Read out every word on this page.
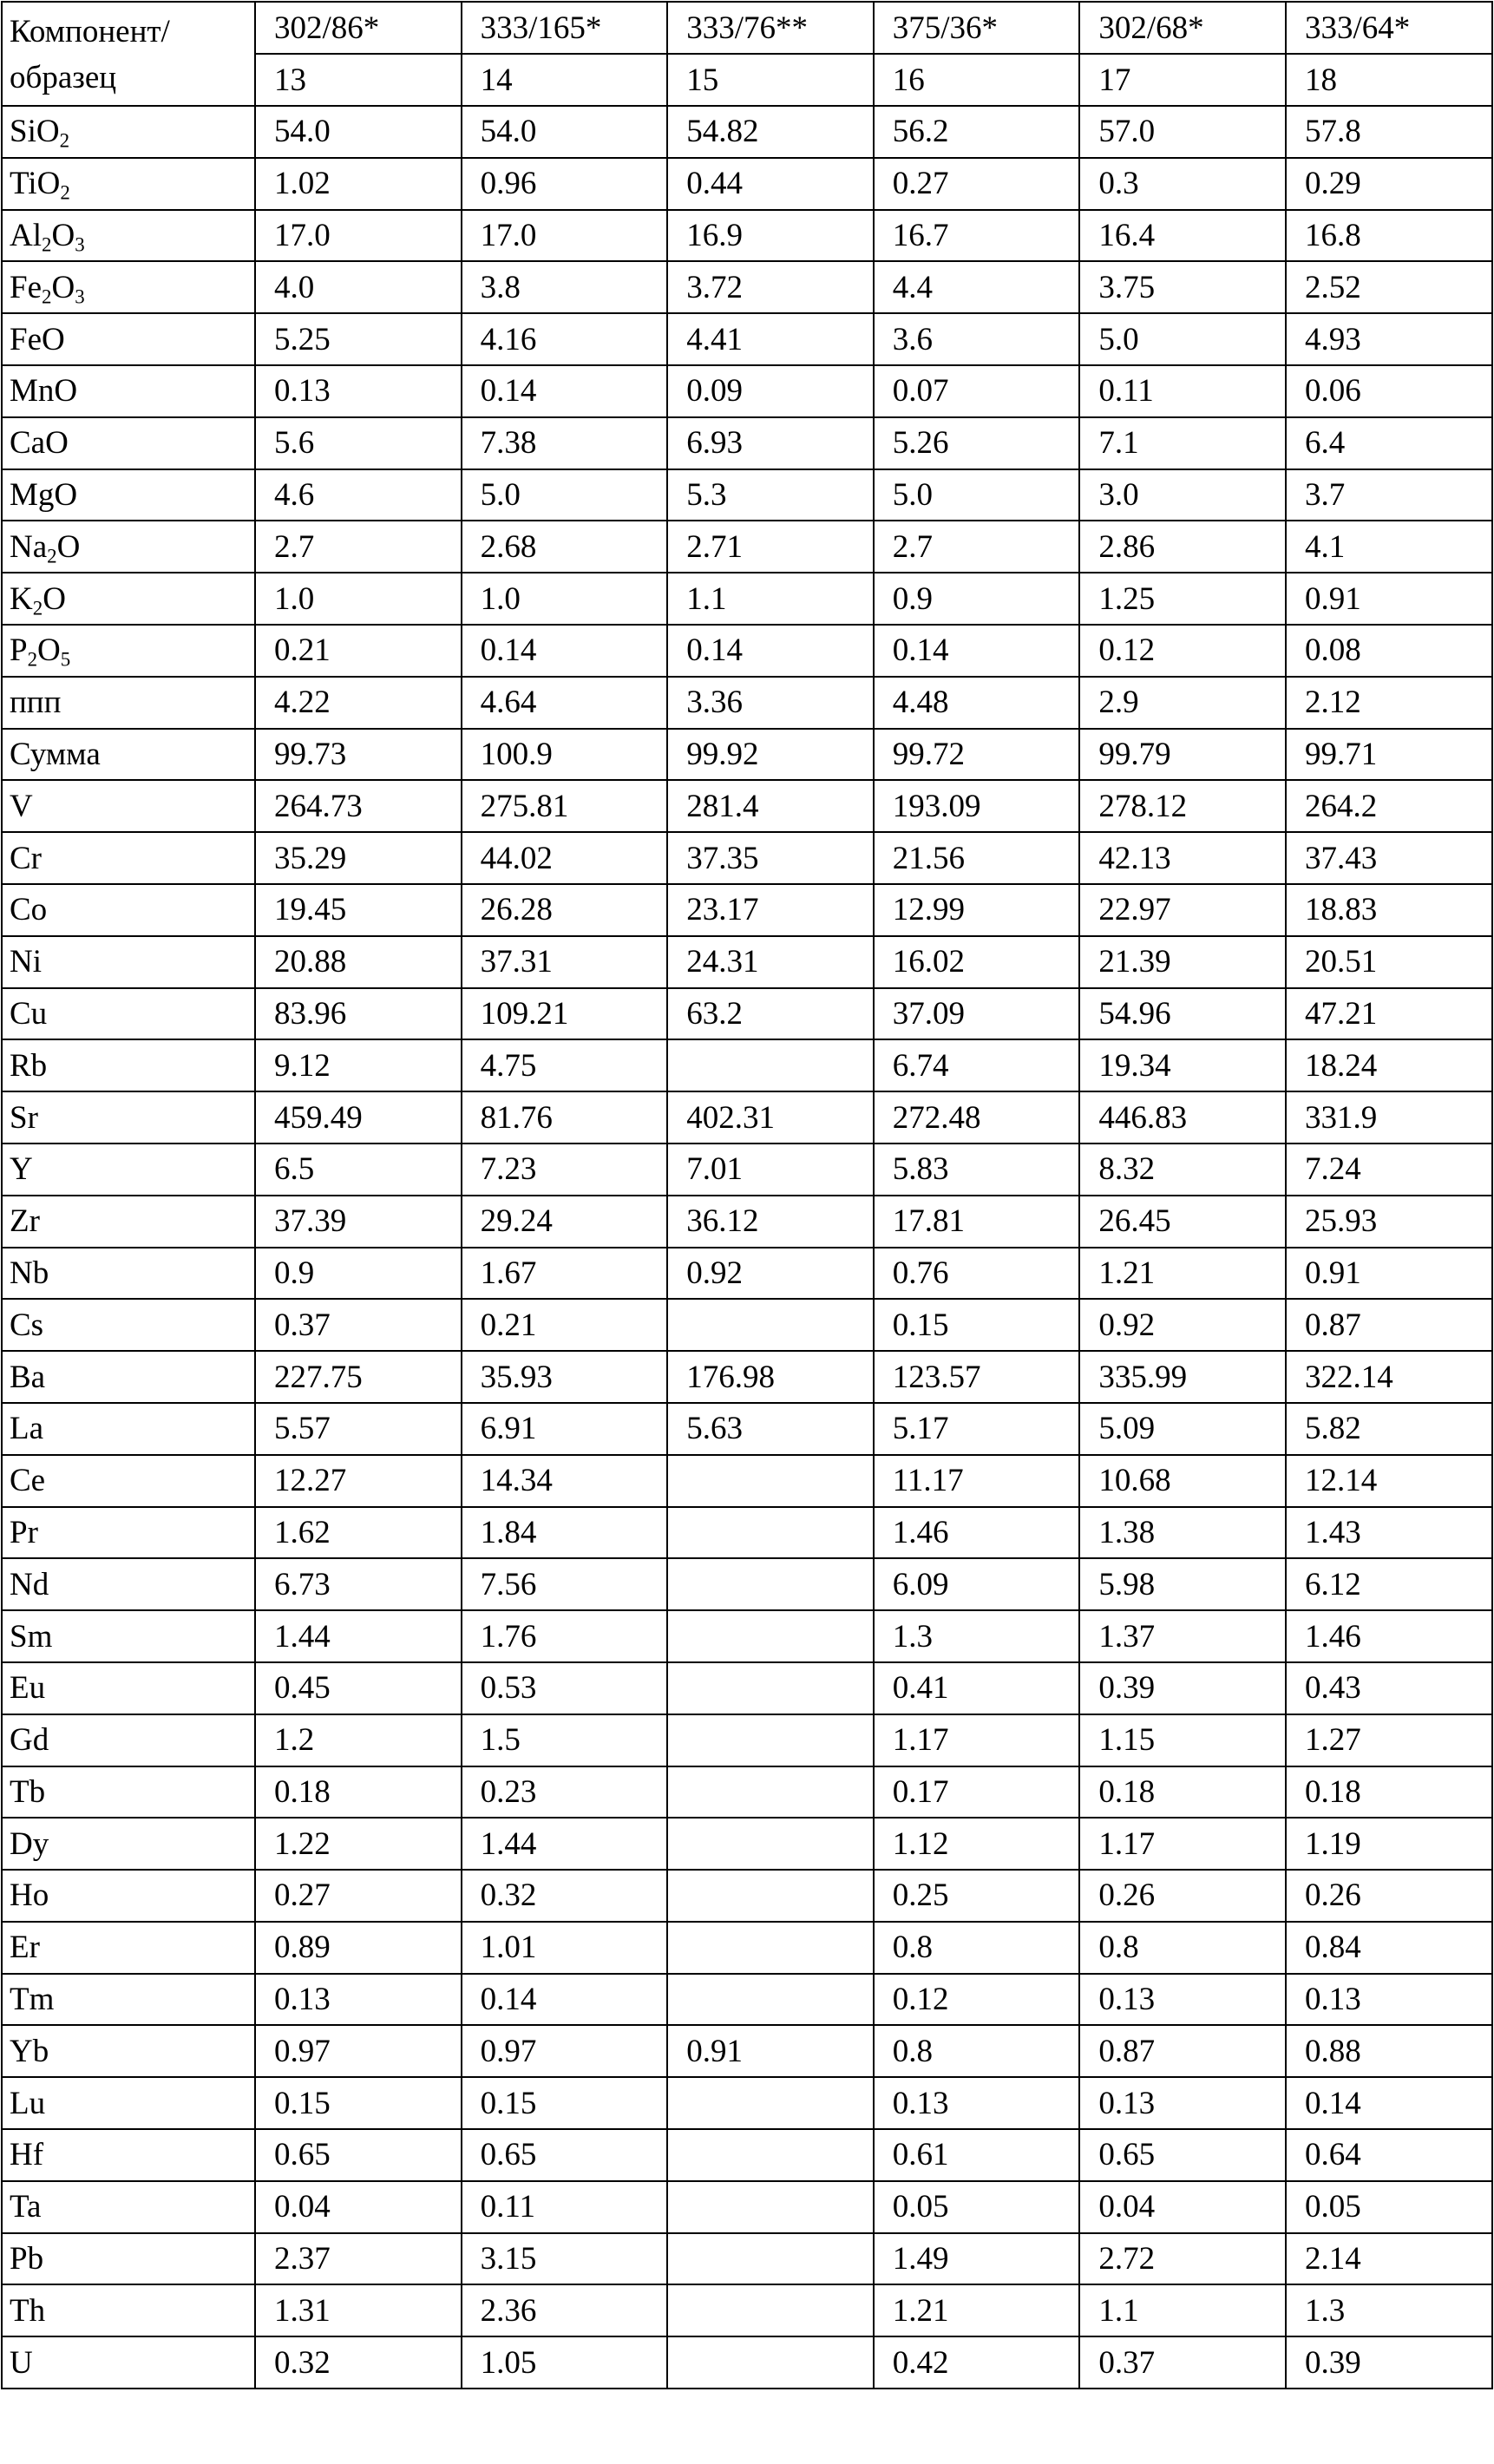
Компонент/
образец	302/86*	333/165*	333/76**	375/36*	302/68*	333/64*
	13	14	15	16	17	18
SiO$_2$	54.0	54.0	54.82	56.2	57.0	57.8
TiO$_2$	1.02	0.96	0.44	0.27	0.3	0.29
$Al_2O_3$	17.0	17.0	16.9	16.7	16.4	16.8
$Fe_2O_3$	4.0	3.8	3.72	4.4	3.75	2.52
FeO	5.25	4.16	4.41	3.6	5.0	4.93
MnO	0.13	0.14	0.09	0.07	0.11	0.06
CaO	5.6	7.38	6.93	5.26	7.1	6.4
MgO	4.6	5.0	5.3	5.0	3.0	3.7
$Na_2O$	2.7	2.68	2.71	2.7	2.86	4.1
$K_2O$	1.0	1.0	1.1	0.9	1.25	0.91
$P_2O_5$	0.21	0.14	0.14	0.14	0.12	0.08
ппп	4.22	4.64	3.36	4.48	2.9	2.12
Сумма	99.73	100.9	99.92	99.72	99.79	99.71
V	264.73	275.81	281.4	193.09	278.12	264.2
Cr	35.29	44.02	37.35	21.56	42.13	37.43
Co	19.45	26.28	23.17	12.99	22.97	18.83
Ni	20.88	37.31	24.31	16.02	21.39	20.51
Cu	83.96	109.21	63.2	37.09	54.96	47.21
Rb	9.12	4.75		6.74	19.34	18.24
Sr	459.49	81.76	402.31	272.48	446.83	331.9
Y	6.5	7.23	7.01	5.83	8.32	7.24
Zr	37.39	29.24	36.12	17.81	26.45	25.93
Nb	0.9	1.67	0.92	0.76	1.21	0.91
Cs	0.37	0.21		0.15	0.92	0.87
Ba	227.75	35.93	176.98	123.57	335.99	322.14
La	5.57	6.91	5.63	5.17	5.09	5.82
Ce	12.27	14.34		11.17	10.68	12.14
Pr	1.62	1.84		1.46	1.38	1.43
Nd	6.73	7.56		6.09	5.98	6.12
Sm	1.44	1.76		1.3	1.37	1.46
Eu	0.45	0.53		0.41	0.39	0.43
Gd	1.2	1.5		1.17	1.15	1.27
Tb	0.18	0.23		0.17	0.18	0.18
Dy	1.22	1.44		1.12	1.17	1.19
Ho	0.27	0.32		0.25	0.26	0.26
Er	0.89	1.01		0.8	0.8	0.84
Tm	0.13	0.14		0.12	0.13	0.13
Yb	0.97	0.97	0.91	0.8	0.87	0.88
Lu	0.15	0.15		0.13	0.13	0.14
Hf	0.65	0.65		0.61	0.65	0.64
Ta	0.04	0.11		0.05	0.04	0.05
Pb	2.37	3.15		1.49	2.72	2.14
Th	1.31	2.36		1.21	1.1	1.3
U	0.32	1.05		0.42	0.37	0.39
